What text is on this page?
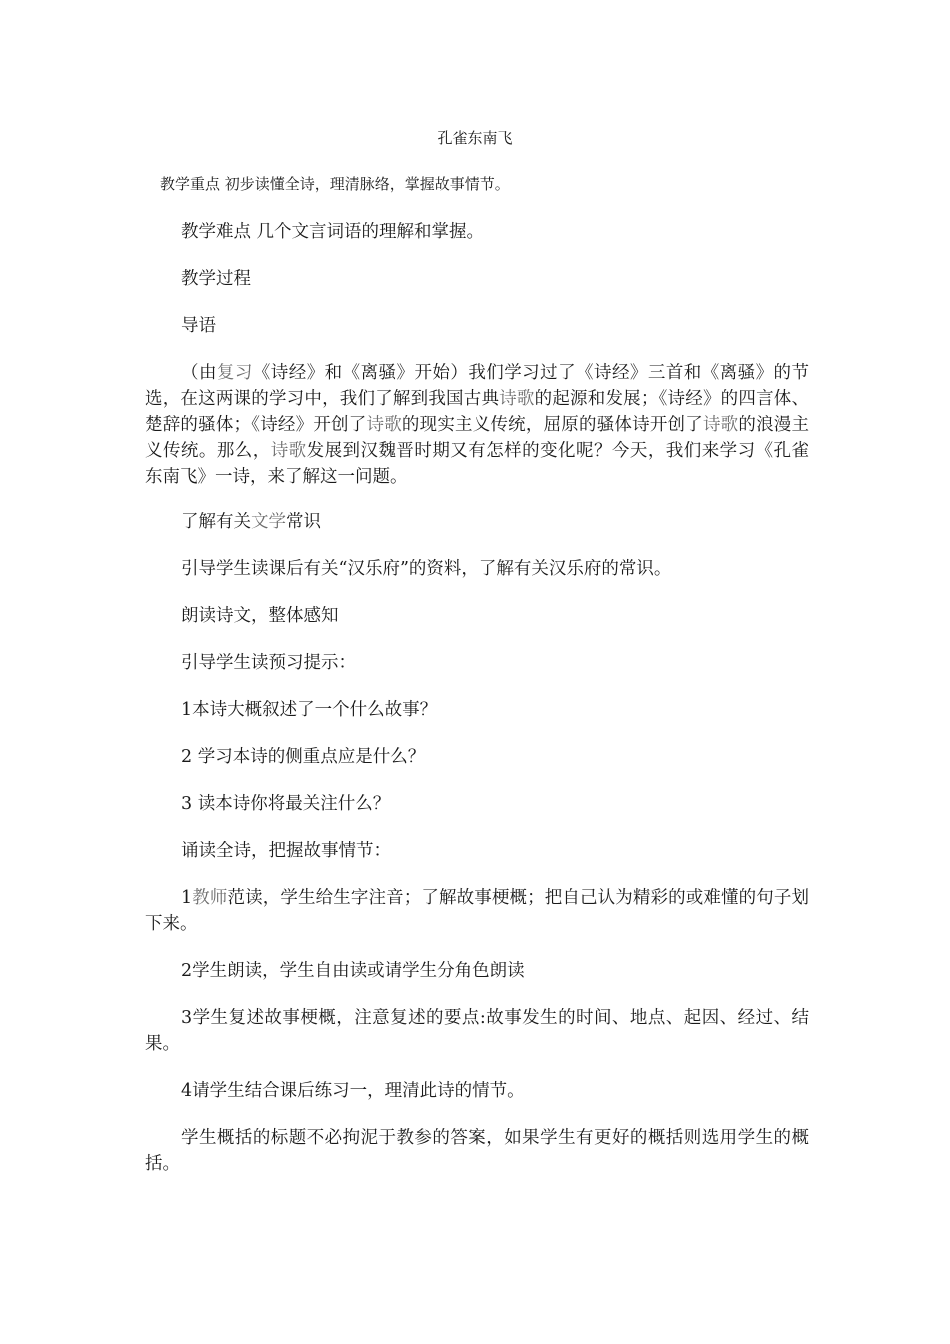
孔雀东南飞
教学重点 初步读懂全诗，理清脉络，掌握故事情节。
教学难点 几个文言词语的理解和掌握。
教学过程
导语
（由复习《诗经》和《离骚》开始）我们学习过了《诗经》三首和《离骚》的节选，在这两课的学习中，我们了解到我国古典诗歌的起源和发展；《诗经》的四言体、楚辞的骚体；《诗经》开创了诗歌的现实主义传统，屈原的骚体诗开创了诗歌的浪漫主义传统。那么，诗歌发展到汉魏晋时期又有怎样的变化呢？今天，我们来学习《孔雀东南飞》一诗，来了解这一问题。
了解有关文学常识
引导学生读课后有关“汉乐府”的资料，了解有关汉乐府的常识。
朗读诗文，整体感知
引导学生读预习提示：
1本诗大概叙述了一个什么故事？
2 学习本诗的侧重点应是什么？
3 读本诗你将最关注什么？
诵读全诗，把握故事情节：
1教师范读，学生给生字注音；了解故事梗概；把自己认为精彩的或难懂的句子划下来。
2学生朗读，学生自由读或请学生分角色朗读
3学生复述故事梗概，注意复述的要点:故事发生的时间、地点、起因、经过、结果。
4请学生结合课后练习一，理清此诗的情节。
学生概括的标题不必拘泥于教参的答案，如果学生有更好的概括则选用学生的概括。
